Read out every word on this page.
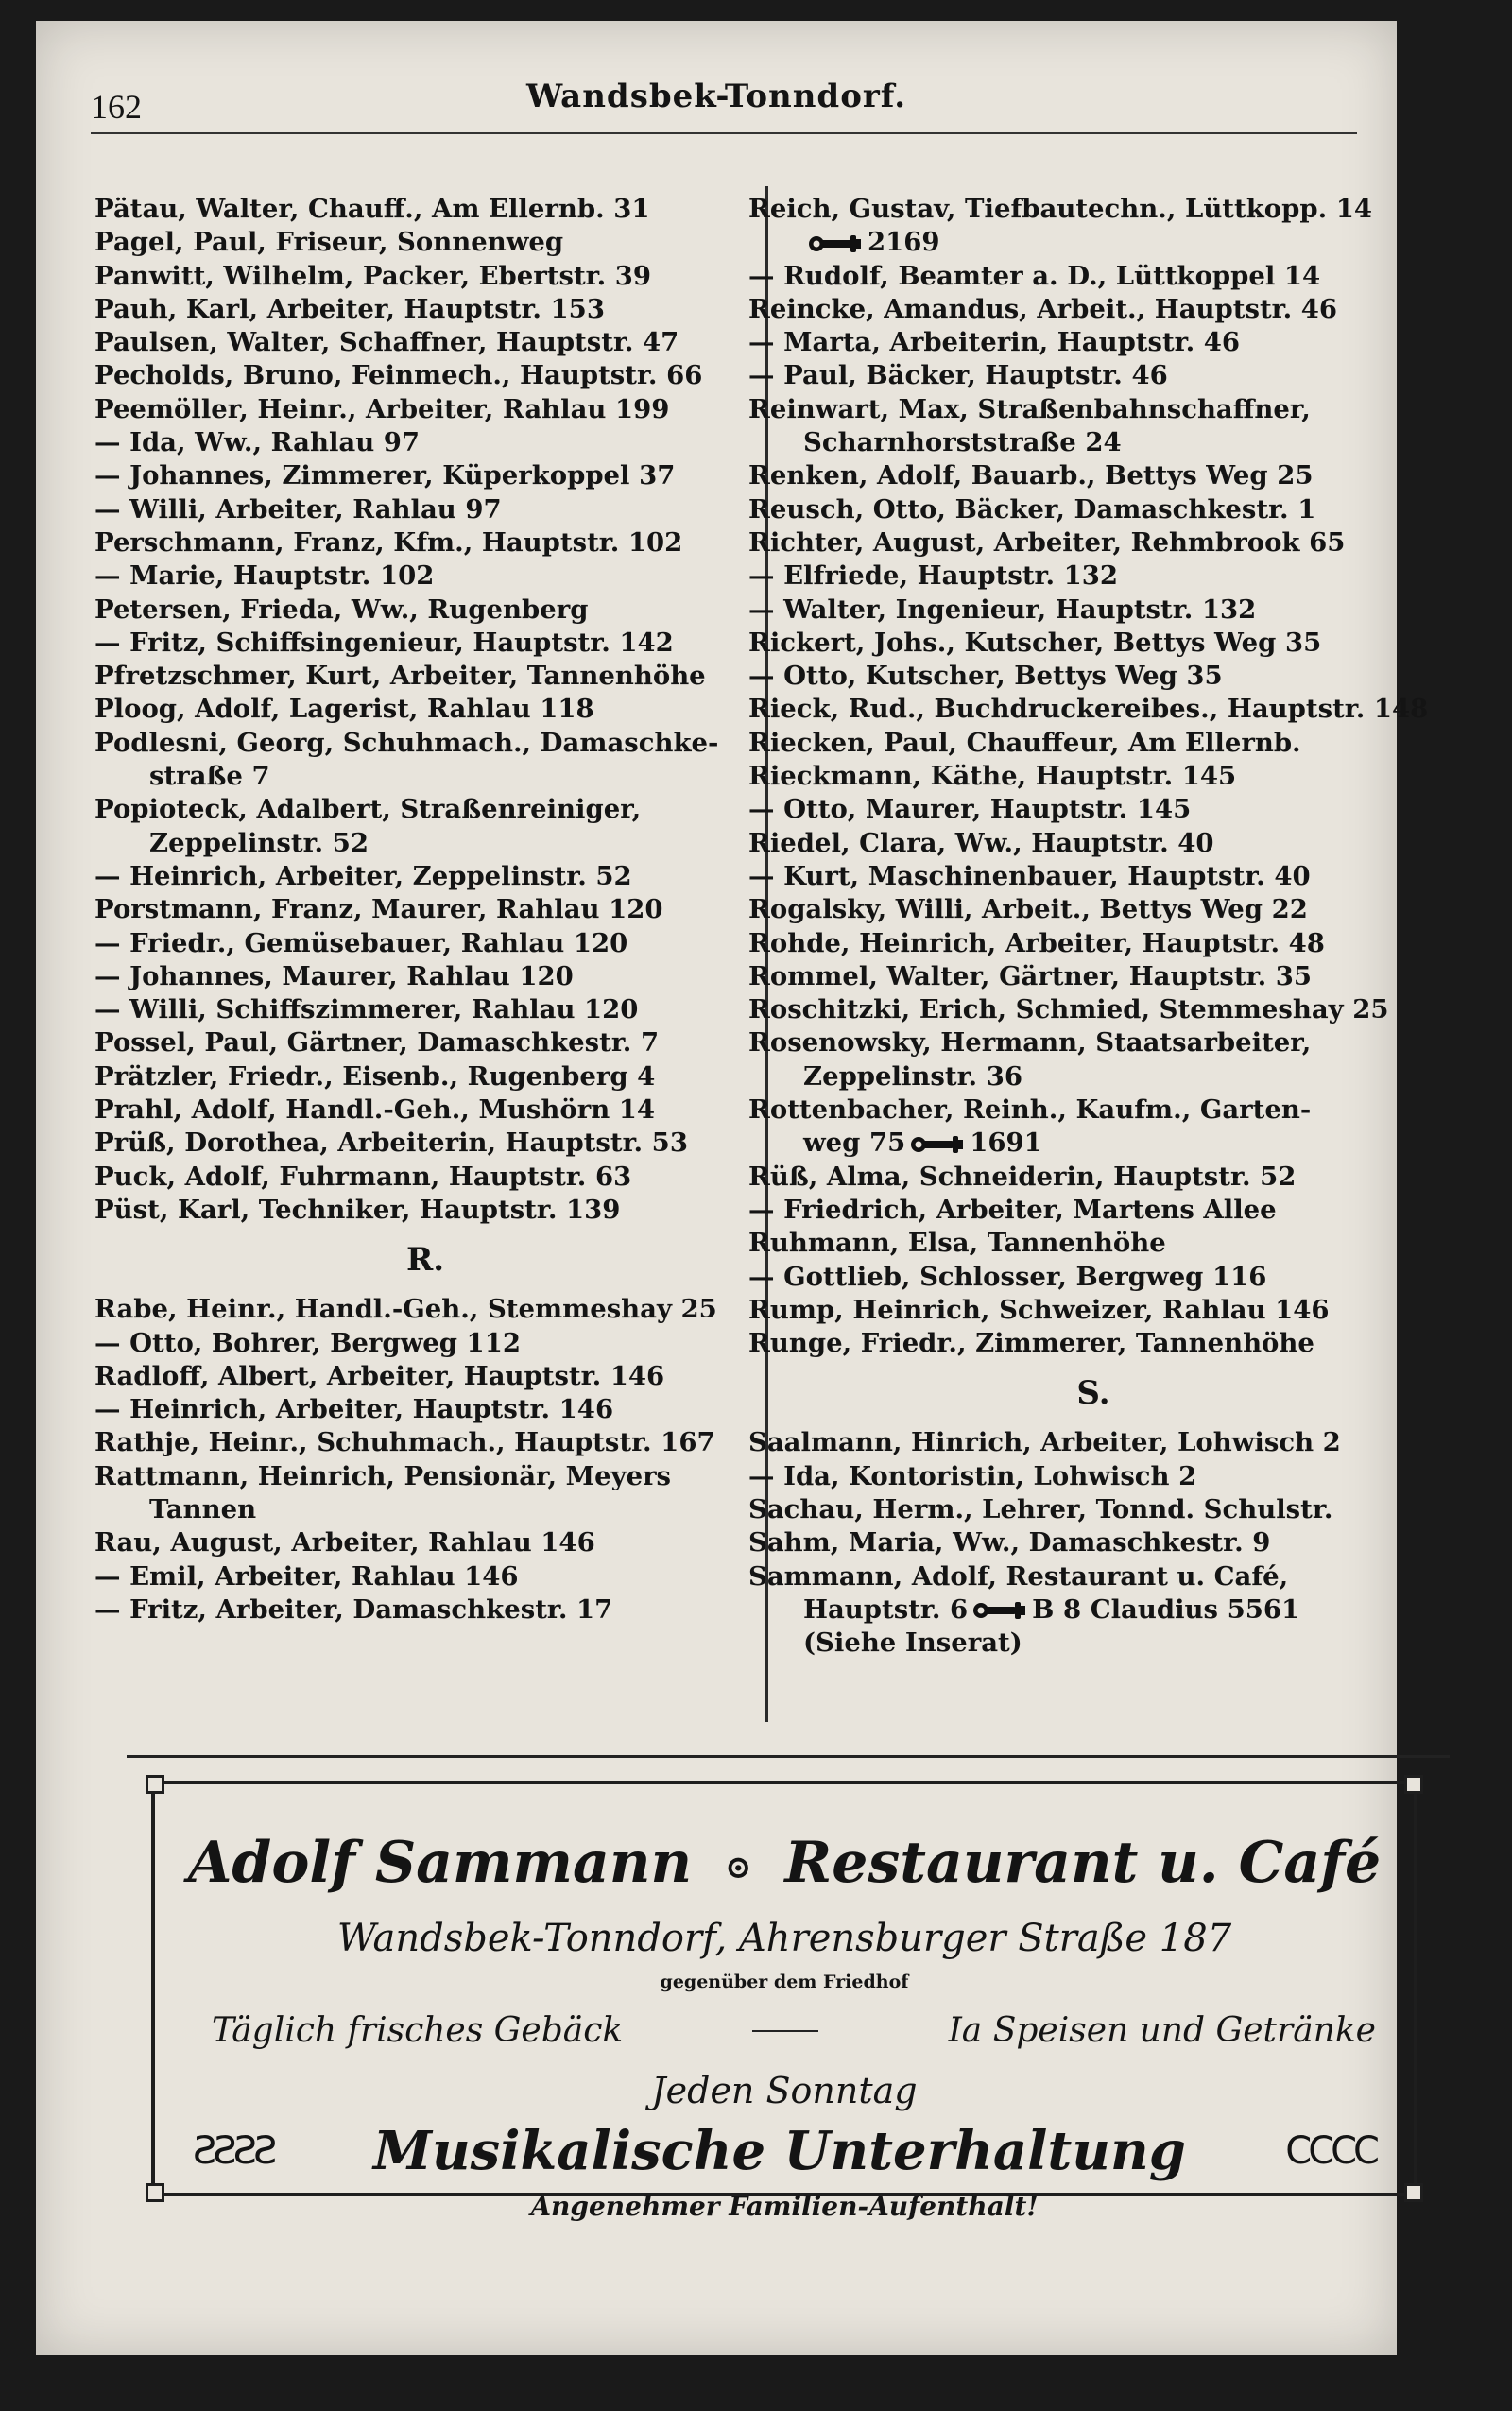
162	Wandsbek-Tonndorf.
Pätau, Walter, Chauff., Am Ellernb. 31
Pagel, Paul, Friseur, Sonnenweg
Panwitt, Wilhelm, Packer, Ebertstr. 39
Pauh, Karl, Arbeiter, Hauptstr. 153
Paulsen, Walter, Schaffner, Hauptstr. 47
Pecholds, Bruno, Feinmech., Hauptstr. 66
Peemöller, Heinr., Arbeiter, Rahlau 199
— Ida, Ww., Rahlau 97
— Johannes, Zimmerer, Küperkoppel 37
— Willi, Arbeiter, Rahlau 97
Perschmann, Franz, Kfm., Hauptstr. 102
— Marie, Hauptstr. 102
Petersen, Frieda, Ww., Rugenberg
— Fritz, Schiffsingenieur, Hauptstr. 142
Pfretzschmer, Kurt, Arbeiter, Tannenhöhe
Ploog, Adolf, Lagerist, Rahlau 118
Podlesni, Georg, Schuhmach., Damaschke-
straße 7
Popioteck, Adalbert, Straßenreiniger,
Zeppelinstr. 52
— Heinrich, Arbeiter, Zeppelinstr. 52
Porstmann, Franz, Maurer, Rahlau 120
— Friedr., Gemüsebauer, Rahlau 120
— Johannes, Maurer, Rahlau 120
— Willi, Schiffszimmerer, Rahlau 120
Possel, Paul, Gärtner, Damaschkestr. 7
Prätzler, Friedr., Eisenb., Rugenberg 4
Prahl, Adolf, Handl.-Geh., Mushörn 14
Prüß, Dorothea, Arbeiterin, Hauptstr. 53
Puck, Adolf, Fuhrmann, Hauptstr. 63
Püst, Karl, Techniker, Hauptstr. 139
R.
Rabe, Heinr., Handl.-Geh., Stemmeshay 25
— Otto, Bohrer, Bergweg 112
Radloff, Albert, Arbeiter, Hauptstr. 146
— Heinrich, Arbeiter, Hauptstr. 146
Rathje, Heinr., Schuhmach., Hauptstr. 167
Rattmann, Heinrich, Pensionär, Meyers
Tannen
Rau, August, Arbeiter, Rahlau 146
— Emil, Arbeiter, Rahlau 146
— Fritz, Arbeiter, Damaschkestr. 17
Reich, Gustav, Tiefbautechn., Lüttkopp. 14
2169
— Rudolf, Beamter a. D., Lüttkoppel 14
Reincke, Amandus, Arbeit., Hauptstr. 46
— Marta, Arbeiterin, Hauptstr. 46
— Paul, Bäcker, Hauptstr. 46
Reinwart, Max, Straßenbahnschaffner,
Scharnhorststraße 24
Renken, Adolf, Bauarb., Bettys Weg 25
Reusch, Otto, Bäcker, Damaschkestr. 1
Richter, August, Arbeiter, Rehmbrook 65
— Elfriede, Hauptstr. 132
— Walter, Ingenieur, Hauptstr. 132
Rickert, Johs., Kutscher, Bettys Weg 35
— Otto, Kutscher, Bettys Weg 35
Rieck, Rud., Buchdruckereibes., Hauptstr. 148
Riecken, Paul, Chauffeur, Am Ellernb.
Rieckmann, Käthe, Hauptstr. 145
— Otto, Maurer, Hauptstr. 145
Riedel, Clara, Ww., Hauptstr. 40
— Kurt, Maschinenbauer, Hauptstr. 40
Rogalsky, Willi, Arbeit., Bettys Weg 22
Rohde, Heinrich, Arbeiter, Hauptstr. 48
Rommel, Walter, Gärtner, Hauptstr. 35
Roschitzki, Erich, Schmied, Stemmeshay 25
Rosenowsky, Hermann, Staatsarbeiter,
Zeppelinstr. 36
Rottenbacher, Reinh., Kaufm., Garten-
weg 75 1691
Rüß, Alma, Schneiderin, Hauptstr. 52
— Friedrich, Arbeiter, Martens Allee
Ruhmann, Elsa, Tannenhöhe
— Gottlieb, Schlosser, Bergweg 116
Rump, Heinrich, Schweizer, Rahlau 146
Runge, Friedr., Zimmerer, Tannenhöhe
S.
Saalmann, Hinrich, Arbeiter, Lohwisch 2
— Ida, Kontoristin, Lohwisch 2
Sachau, Herm., Lehrer, Tonnd. Schulstr.
Sahm, Maria, Ww., Damaschkestr. 9
Sammann, Adolf, Restaurant u. Café,
Hauptstr. 6 B 8 Claudius 5561
(Siehe Inserat)
Adolf Sammann ⊙ Restaurant u. Café
Wandsbek-Tonndorf, Ahrensburger Straße 187
gegenüber dem Friedhof
Täglich frisches Gebäck	Ia Speisen und Getränke
Jeden Sonntag
ƧƧƧƧ Musikalische Unterhaltung	CCCC
Angenehmer Familien-Aufenthalt!
